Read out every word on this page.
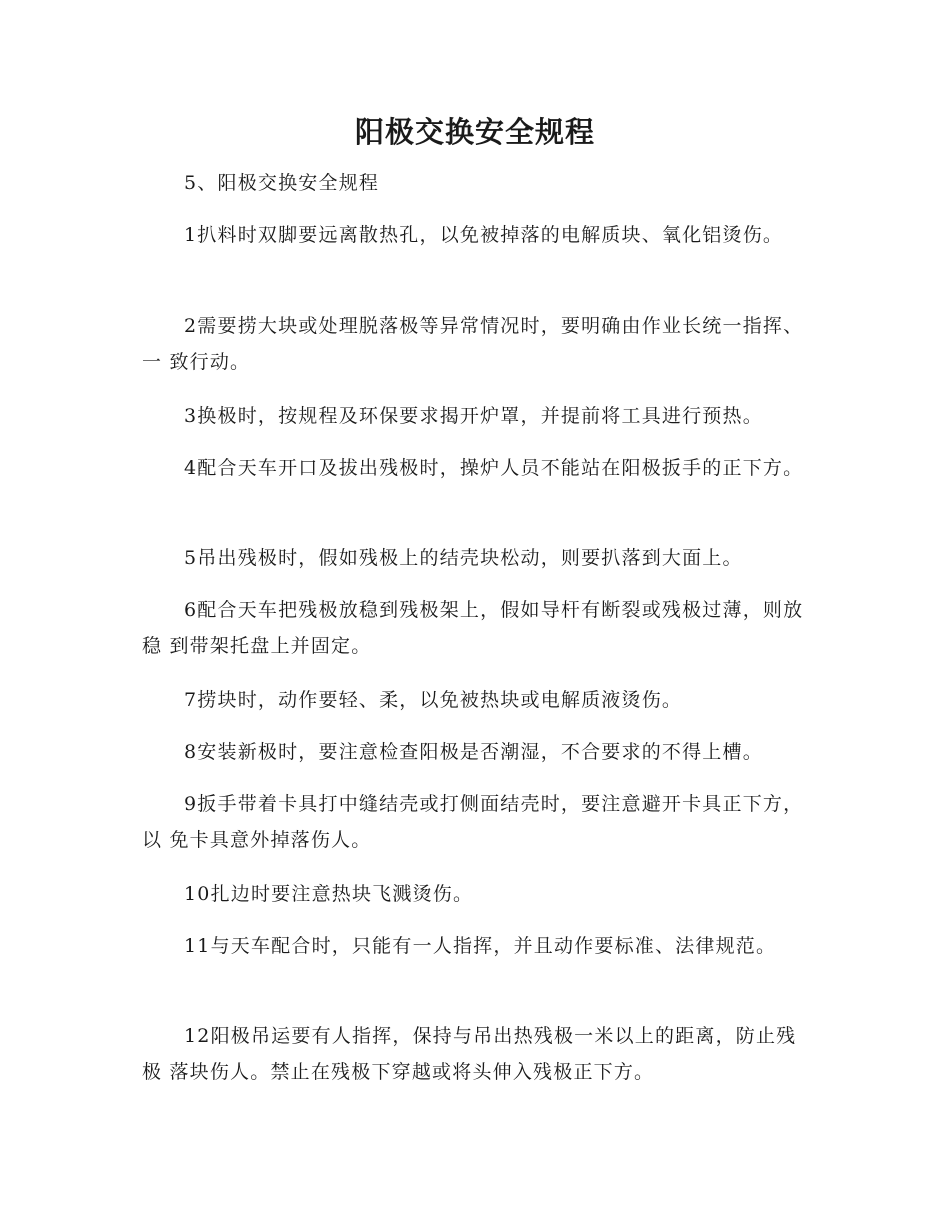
阳极交换安全规程
5、阳极交换安全规程
1扒料时双脚要远离散热孔，以免被掉落的电解质块、氧化铝烫伤。
2需要捞大块或处理脱落极等异常情况时，要明确由作业长统一指挥、一 致行动。
3换极时，按规程及环保要求揭开炉罩，并提前将工具进行预热。
4配合天车开口及拔出残极时，操炉人员不能站在阳极扳手的正下方。
5吊出残极时，假如残极上的结壳块松动，则要扒落到大面上。
6配合天车把残极放稳到残极架上，假如导杆有断裂或残极过薄，则放稳 到带架托盘上并固定。
7捞块时，动作要轻、柔，以免被热块或电解质液烫伤。
8安装新极时，要注意检查阳极是否潮湿，不合要求的不得上槽。
9扳手带着卡具打中缝结壳或打侧面结壳时，要注意避开卡具正下方，以 免卡具意外掉落伤人。
10扎边时要注意热块飞溅烫伤。
11与天车配合时，只能有一人指挥，并且动作要标准、法律规范。
12阳极吊运要有人指挥，保持与吊出热残极一米以上的距离，防止残极 落块伤人。禁止在残极下穿越或将头伸入残极正下方。
